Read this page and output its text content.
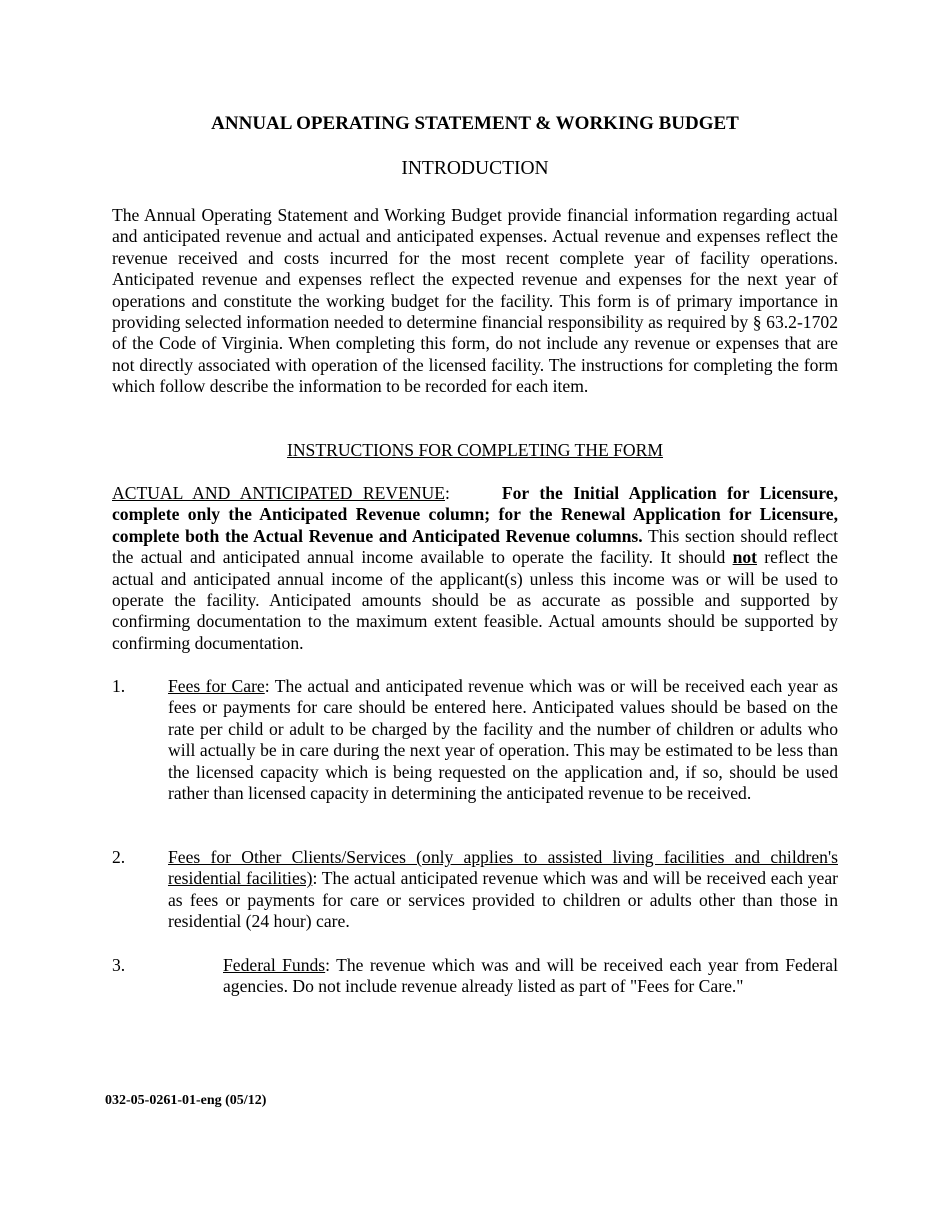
ANNUAL OPERATING STATEMENT & WORKING BUDGET
INTRODUCTION
The Annual Operating Statement and Working Budget provide financial information regarding actual and anticipated revenue and actual and anticipated expenses. Actual revenue and expenses reflect the revenue received and costs incurred for the most recent complete year of facility operations. Anticipated revenue and expenses reflect the expected revenue and expenses for the next year of operations and constitute the working budget for the facility. This form is of primary importance in providing selected information needed to determine financial responsibility as required by § 63.2-1702 of the Code of Virginia. When completing this form, do not include any revenue or expenses that are not directly associated with operation of the licensed facility. The instructions for completing the form which follow describe the information to be recorded for each item.
INSTRUCTIONS FOR COMPLETING THE FORM
ACTUAL AND ANTICIPATED REVENUE:	For the Initial Application for Licensure, complete only the Anticipated Revenue column; for the Renewal Application for Licensure, complete both the Actual Revenue and Anticipated Revenue columns. This section should reflect the actual and anticipated annual income available to operate the facility. It should not reflect the actual and anticipated annual income of the applicant(s) unless this income was or will be used to operate the facility. Anticipated amounts should be as accurate as possible and supported by confirming documentation to the maximum extent feasible. Actual amounts should be supported by confirming documentation.
1. Fees for Care: The actual and anticipated revenue which was or will be received each year as fees or payments for care should be entered here. Anticipated values should be based on the rate per child or adult to be charged by the facility and the number of children or adults who will actually be in care during the next year of operation. This may be estimated to be less than the licensed capacity which is being requested on the application and, if so, should be used rather than licensed capacity in determining the anticipated revenue to be received.
2. Fees for Other Clients/Services (only applies to assisted living facilities and children's residential facilities): The actual anticipated revenue which was and will be received each year as fees or payments for care or services provided to children or adults other than those in residential (24 hour) care.
3.	Federal Funds: The revenue which was and will be received each year from Federal agencies. Do not include revenue already listed as part of "Fees for Care."
032-05-0261-01-eng (05/12)
